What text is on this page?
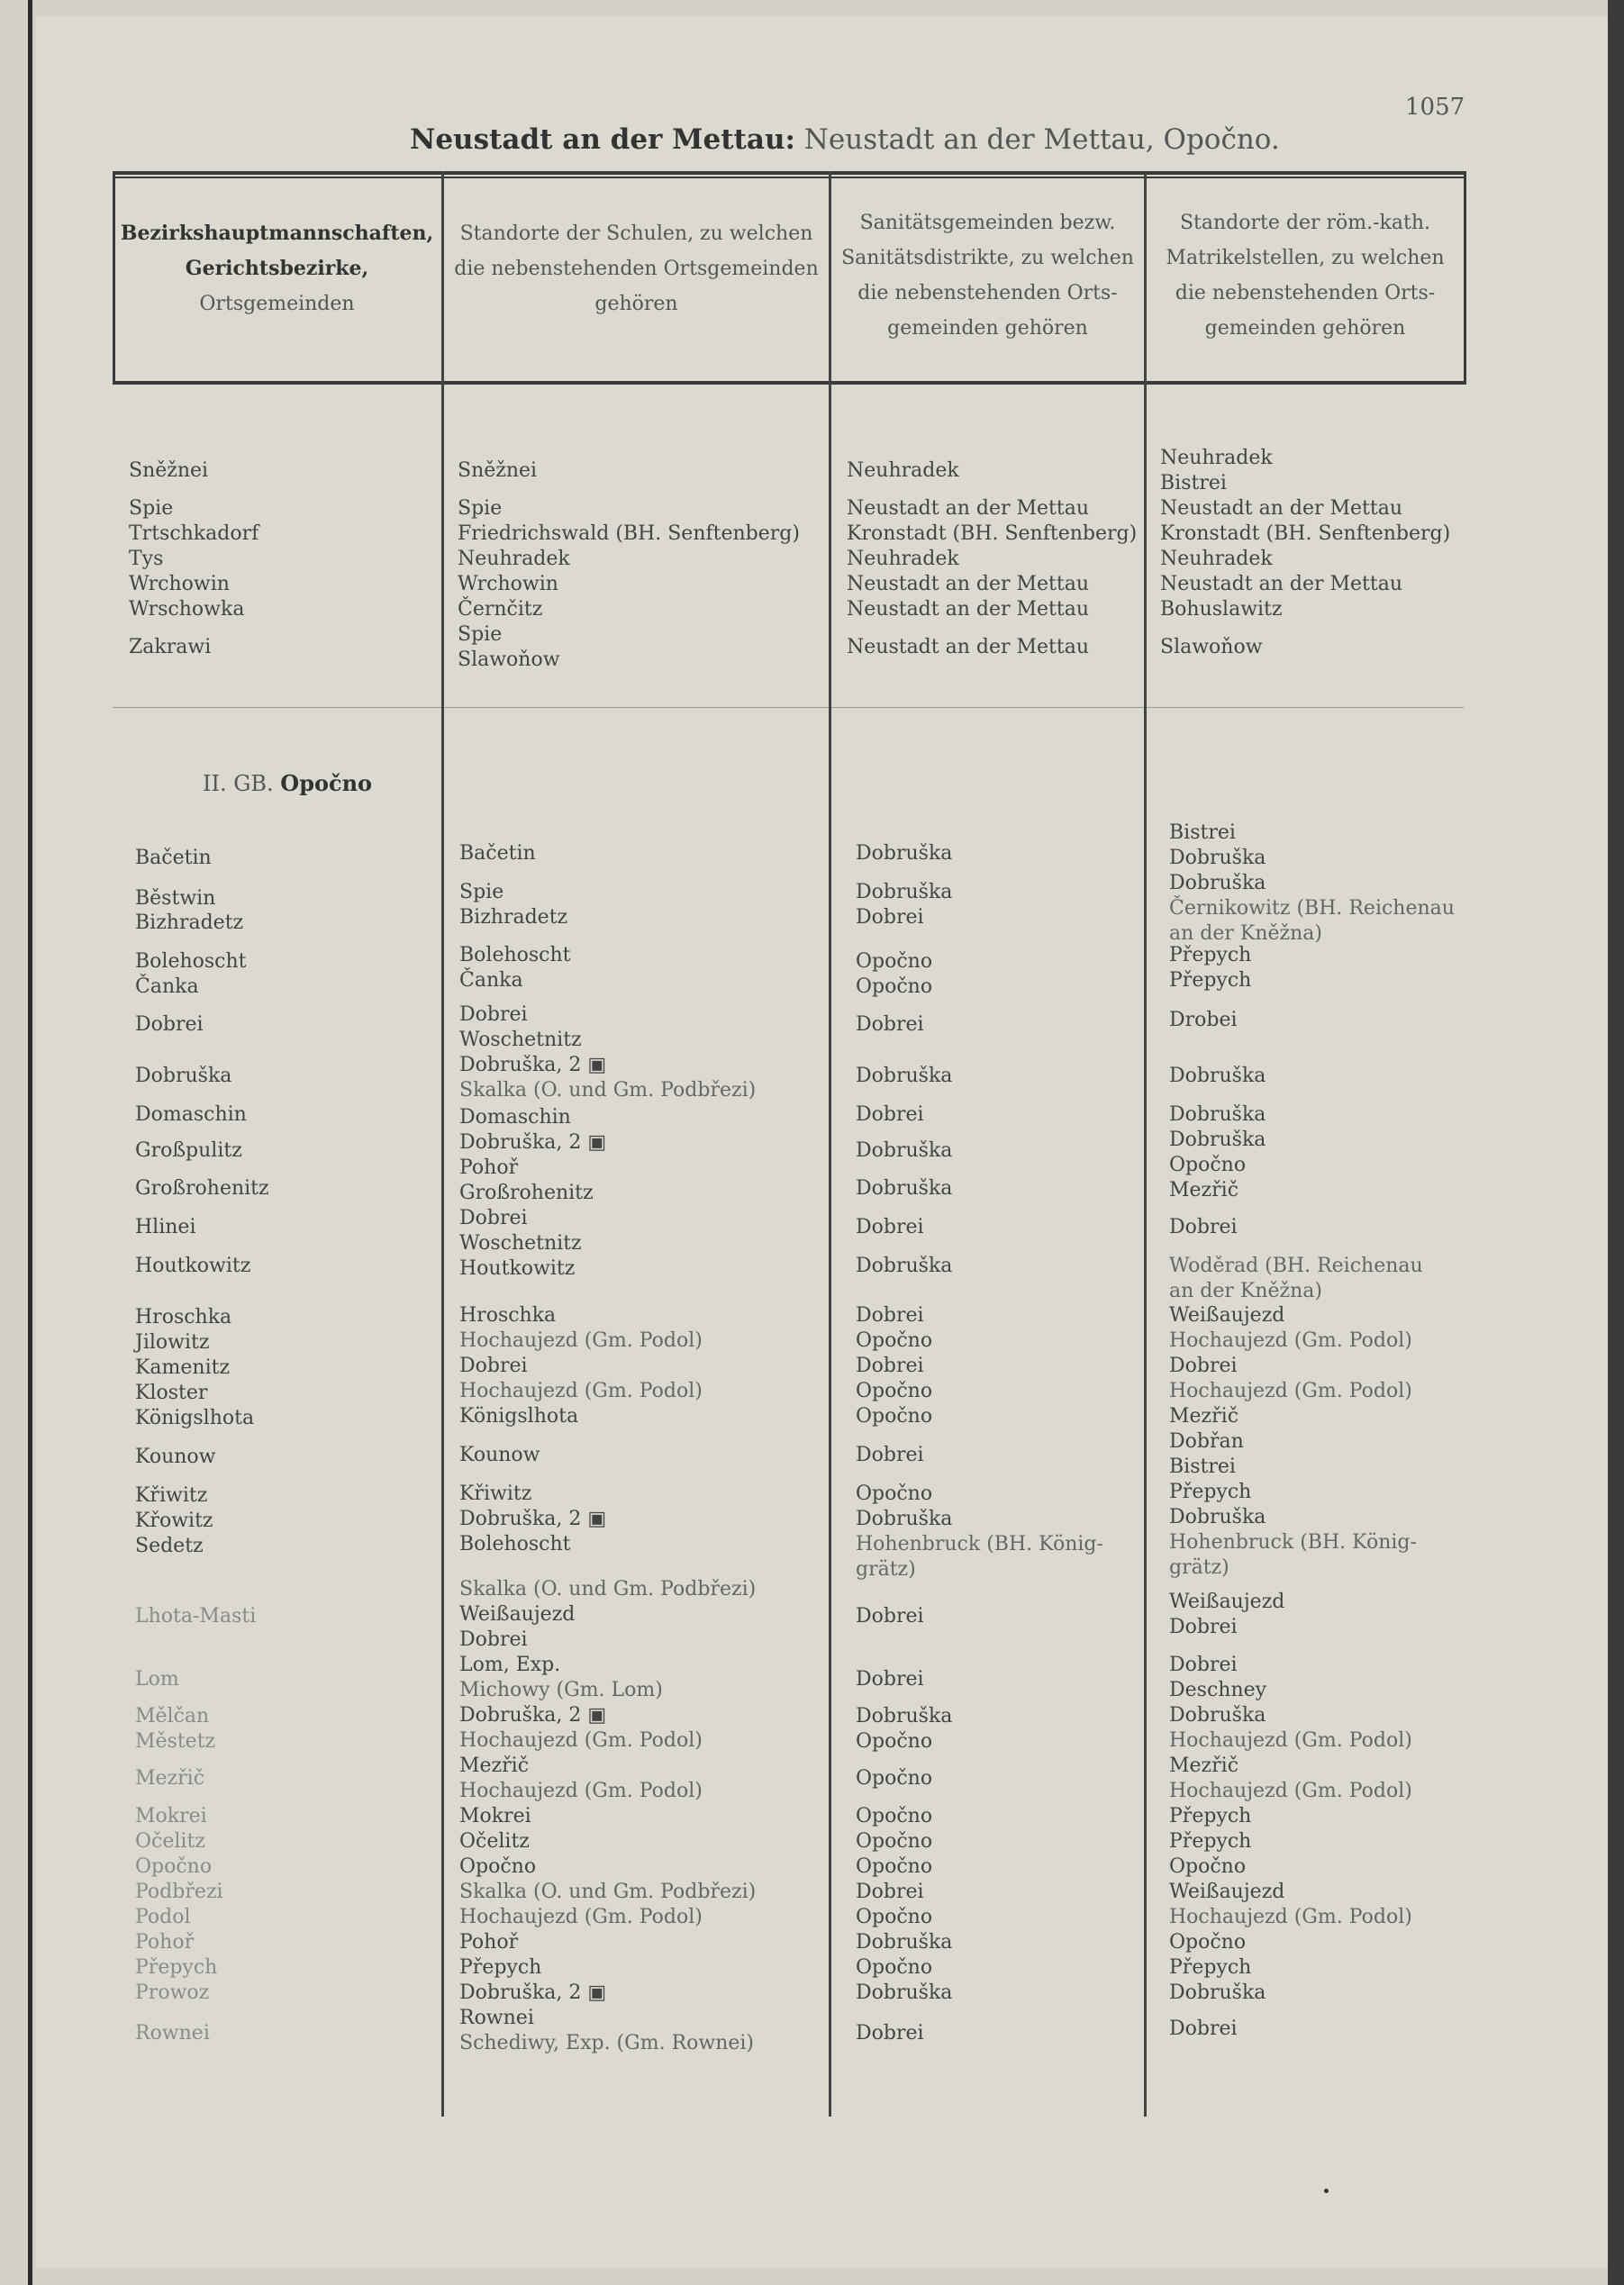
1057
Neustadt an der Mettau: Neustadt an der Mettau, Opočno.
Bezirkshauptmannschaften,
Gerichtsbezirke,
Ortsgemeinden
Standorte der Schulen, zu welchen
die nebenstehenden Ortsgemeinden
gehören
Sanitätsgemeinden bezw.
Sanitätsdistrikte, zu welchen
die nebenstehenden Orts-
gemeinden gehören
Standorte der röm.-kath.
Matrikelstellen, zu welchen
die nebenstehenden Orts-
gemeinden gehören
Sněžnei
Spie
Trtschkadorf
Tys
Wrchowin
Wrschowka
Zakrawi
Sněžnei
Spie
Friedrichswald (BH. Senftenberg)
Neuhradek
Wrchowin
Černčitz
Spie
Slawoňow
Neuhradek
Neustadt an der Mettau
Kronstadt (BH. Senftenberg)
Neuhradek
Neustadt an der Mettau
Neustadt an der Mettau
Neustadt an der Mettau
Neuhradek
Bistrei
Neustadt an der Mettau
Kronstadt (BH. Senftenberg)
Neuhradek
Neustadt an der Mettau
Bohuslawitz
Slawoňow
II. GB. Opočno
Bačetin
Běstwin
Bizhradetz
Bolehoscht
Čanka
Dobrei
Dobruška
Domaschin
Großpulitz
Großrohenitz
Hlinei
Houtkowitz
Hroschka
Jilowitz
Kamenitz
Kloster
Königslhota
Kounow
Křiwitz
Křowitz
Sedetz
Lhota-Masti
Lom
Mělčan
Městetz
Mezřič
Mokrei
Očelitz
Opočno
Podbřezi
Podol
Pohoř
Přepych
Prowoz
Rownei
Bačetin
Spie
Bizhradetz
Bolehoscht
Čanka
Dobrei
Woschetnitz
Dobruška, 2 ▣
Skalka (O. und Gm. Podbřezi)
Domaschin
Dobruška, 2 ▣
Pohoř
Großrohenitz
Dobrei
Woschetnitz
Houtkowitz
Hroschka
Hochaujezd (Gm. Podol)
Dobrei
Hochaujezd (Gm. Podol)
Königslhota
Kounow
Křiwitz
Dobruška, 2 ▣
Bolehoscht
Skalka (O. und Gm. Podbřezi)
Weißaujezd
Dobrei
Lom, Exp.
Michowy (Gm. Lom)
Dobruška, 2 ▣
Hochaujezd (Gm. Podol)
Mezřič
Hochaujezd (Gm. Podol)
Mokrei
Očelitz
Opočno
Skalka (O. und Gm. Podbřezi)
Hochaujezd (Gm. Podol)
Pohoř
Přepych
Dobruška, 2 ▣
Rownei
Schediwy, Exp. (Gm. Rownei)
Dobruška
Dobruška
Dobrei
Opočno
Opočno
Dobrei
Dobruška
Dobrei
Dobruška
Dobruška
Dobrei
Dobruška
Dobrei
Opočno
Dobrei
Opočno
Opočno
Dobrei
Opočno
Dobruška
Hohenbruck (BH. König-
grätz)
Dobrei
Dobrei
Dobruška
Opočno
Opočno
Opočno
Opočno
Opočno
Dobrei
Opočno
Dobruška
Opočno
Dobruška
Dobrei
Bistrei
Dobruška
Dobruška
Černikowitz (BH. Reichenau
an der Kněžna)
Přepych
Přepych
Drobei
Dobruška
Dobruška
Dobruška
Opočno
Mezřič
Dobrei
Woděrad (BH. Reichenau
an der Kněžna)
Weißaujezd
Hochaujezd (Gm. Podol)
Dobrei
Hochaujezd (Gm. Podol)
Mezřič
Dobřan
Bistrei
Přepych
Dobruška
Hohenbruck (BH. König-
grätz)
Weißaujezd
Dobrei
Dobrei
Deschney
Dobruška
Hochaujezd (Gm. Podol)
Mezřič
Hochaujezd (Gm. Podol)
Přepych
Přepych
Opočno
Weißaujezd
Hochaujezd (Gm. Podol)
Opočno
Přepych
Dobruška
Dobrei
